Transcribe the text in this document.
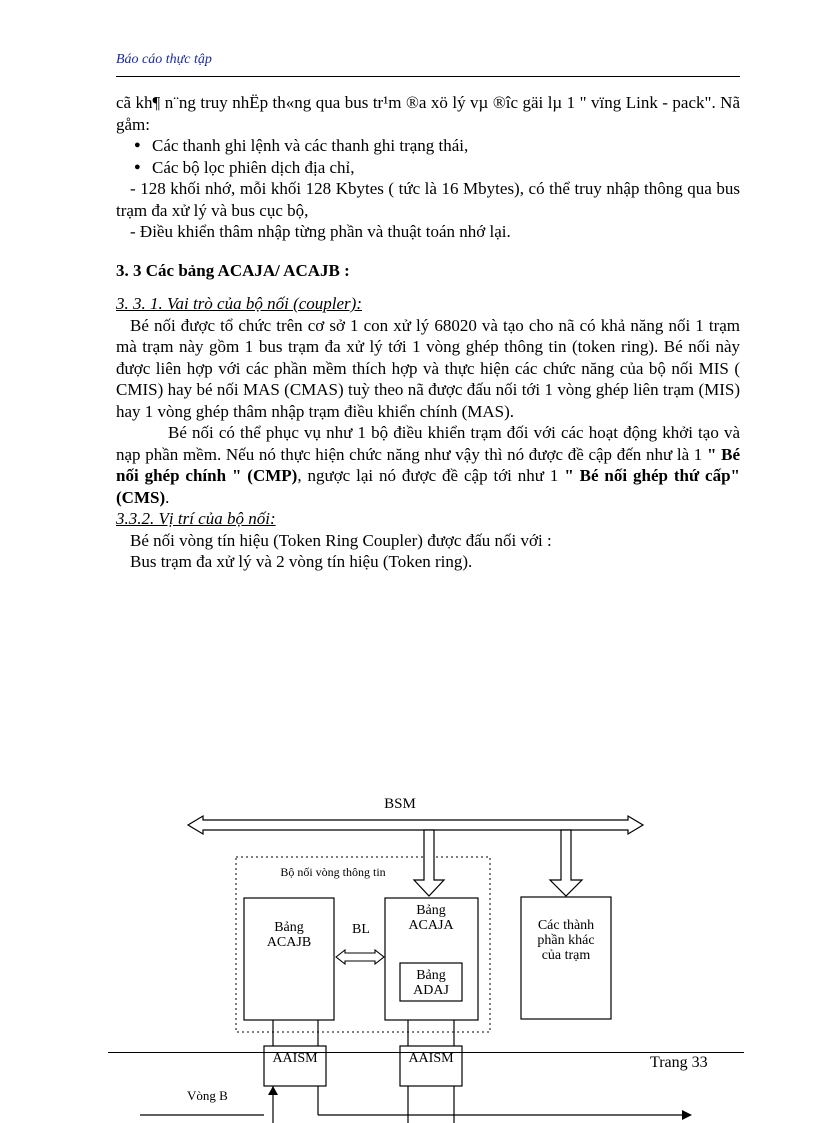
Báo cáo thực tập

cã kh¶ n¨ng truy nhËp th«ng qua bus tr¹m ®a xö lý vµ ®îc gäi lµ 1 " vïng Link - pack". Nã gåm:

● Các thanh ghi lệnh và các thanh ghi trạng thái,
● Các bộ lọc phiên dịch địa chỉ,

- 128 khối nhớ, mỗi khối 128 Kbytes ( tức là 16 Mbytes), có thể truy nhập thông qua bus trạm đa xử lý và bus cục bộ,

- Điều khiển thâm nhập từng phần và thuật toán nhớ lại.

3. 3 Các bảng ACAJA/ ACAJB :

3. 3. 1. Vai trò của bộ nối (coupler):

Bé nối được tổ chức trên cơ sở 1 con xử lý 68020 và tạo cho nã có khả năng nối 1 trạm mà trạm này gồm 1 bus trạm đa xử lý tới 1 vòng ghép thông tin (token ring). Bé nối này được liên hợp với các phần mềm thích hợp và thực hiện các chức năng của bộ nối MIS ( CMIS) hay bé nối MAS (CMAS) tuỳ theo nã được đấu nối tới 1 vòng ghép liên trạm (MIS) hay 1 vòng ghép thâm nhập trạm điều khiển chính (MAS).

Bé nối có thể phục vụ như 1 bộ điều khiển trạm đối với các hoạt động khởi tạo và nạp phần mềm. Nếu nó thực hiện chức năng như vậy thì nó được đề cập đến như là 1 " Bé nối ghép chính " (CMP), ngược lại nó được đề cập tới như 1 " Bé nối ghép thứ cấp" (CMS).

3.3.2. Vị trí của bộ nối:

Bé nối vòng tín hiệu (Token Ring Coupler) được đấu nối với :

Bus trạm đa xử lý và 2 vòng tín hiệu (Token ring).

BSM
Bộ nối vòng thông tin
Bảng
ACAJB
BL
Bảng
ACAJA
Bảng
ADAJ
Các thành
phần khác
của trạm
AAISM	AAISM
Vòng B
Trang 33
